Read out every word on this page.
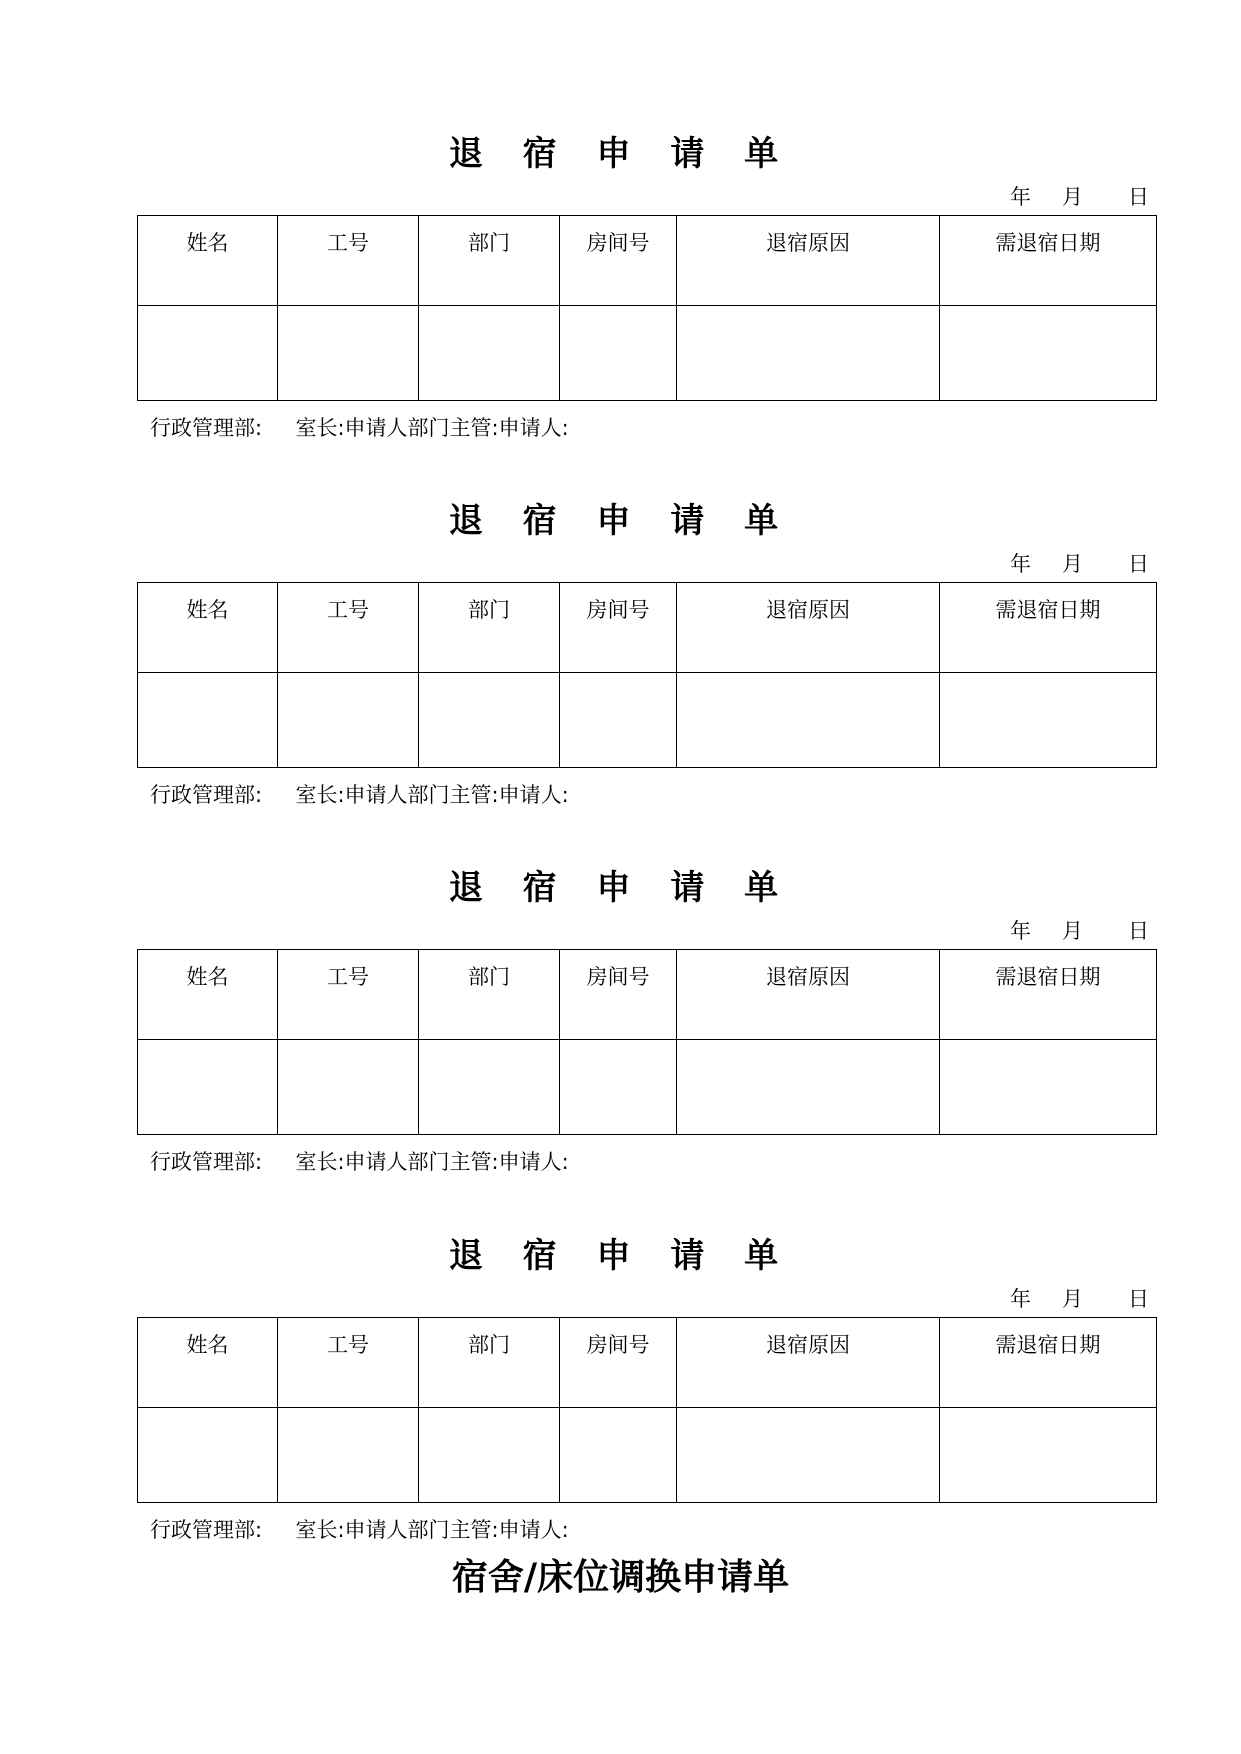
退 宿 申 请 单
年 月 日
姓名	工号	部门	房间号	退宿原因	需退宿日期

行政管理部:     室长:申请人部门主管:申请人:
退 宿 申 请 单
年 月 日
姓名	工号	部门	房间号	退宿原因	需退宿日期

行政管理部:     室长:申请人部门主管:申请人:
退 宿 申 请 单
年 月 日
姓名	工号	部门	房间号	退宿原因	需退宿日期

行政管理部:     室长:申请人部门主管:申请人:
退 宿 申 请 单
年 月 日
姓名	工号	部门	房间号	退宿原因	需退宿日期

行政管理部:     室长:申请人部门主管:申请人:
宿舍/床位调换申请单
